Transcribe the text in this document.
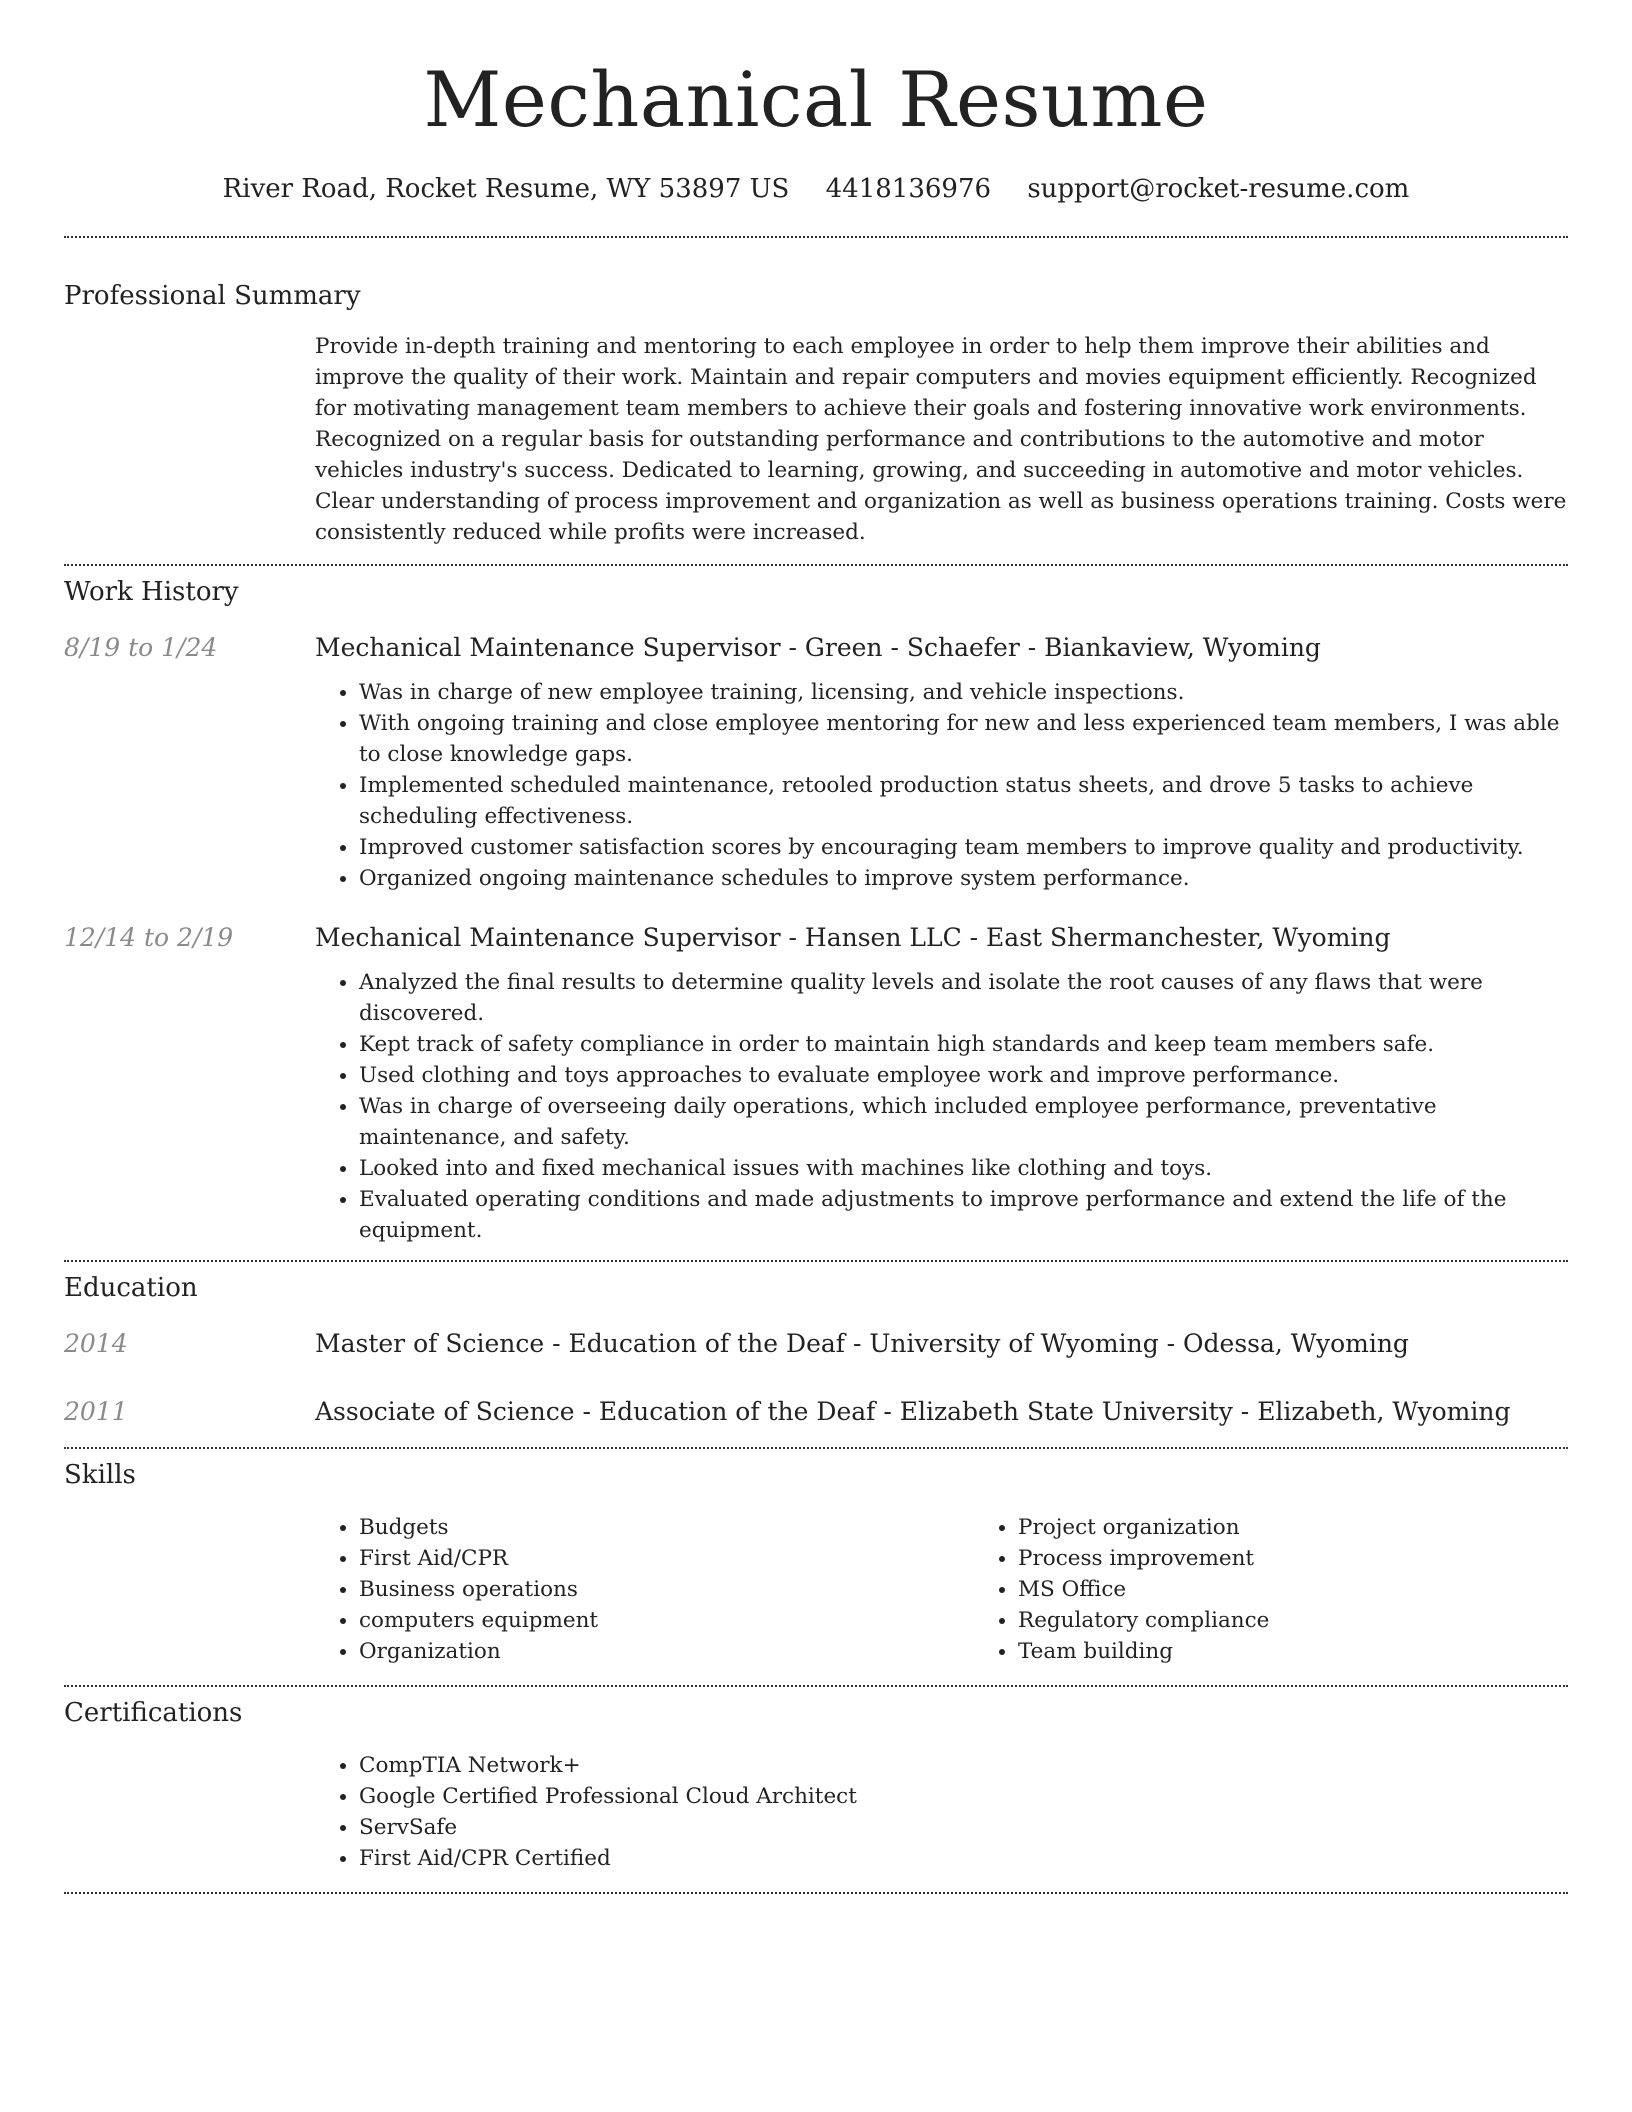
Mechanical Resume
River Road, Rocket Resume, WY 53897 US 4418136976 support@rocket-resume.com
Professional Summary
Provide in-depth training and mentoring to each employee in order to help them improve their abilities and improve the quality of their work. Maintain and repair computers and movies equipment efficiently. Recognized for motivating management team members to achieve their goals and fostering innovative work environments. Recognized on a regular basis for outstanding performance and contributions to the automotive and motor vehicles industry's success. Dedicated to learning, growing, and succeeding in automotive and motor vehicles. Clear understanding of process improvement and organization as well as business operations training. Costs were consistently reduced while profits were increased.
Work History
8/19 to 1/24	Mechanical Maintenance Supervisor - Green - Schaefer - Biankaview, Wyoming
• Was in charge of new employee training, licensing, and vehicle inspections.
• With ongoing training and close employee mentoring for new and less experienced team members, I was able to close knowledge gaps.
• Implemented scheduled maintenance, retooled production status sheets, and drove 5 tasks to achieve scheduling effectiveness.
• Improved customer satisfaction scores by encouraging team members to improve quality and productivity.
• Organized ongoing maintenance schedules to improve system performance.
12/14 to 2/19	Mechanical Maintenance Supervisor - Hansen LLC - East Shermanchester, Wyoming
• Analyzed the final results to determine quality levels and isolate the root causes of any flaws that were discovered.
• Kept track of safety compliance in order to maintain high standards and keep team members safe.
• Used clothing and toys approaches to evaluate employee work and improve performance.
• Was in charge of overseeing daily operations, which included employee performance, preventative maintenance, and safety.
• Looked into and fixed mechanical issues with machines like clothing and toys.
• Evaluated operating conditions and made adjustments to improve performance and extend the life of the equipment.
Education
2014	Master of Science - Education of the Deaf - University of Wyoming - Odessa, Wyoming
2011	Associate of Science - Education of the Deaf - Elizabeth State University - Elizabeth, Wyoming
Skills
• Budgets
• First Aid/CPR
• Business operations
• computers equipment
• Organization
• Project organization
• Process improvement
• MS Office
• Regulatory compliance
• Team building
Certifications
• CompTIA Network+
• Google Certified Professional Cloud Architect
• ServSafe
• First Aid/CPR Certified
